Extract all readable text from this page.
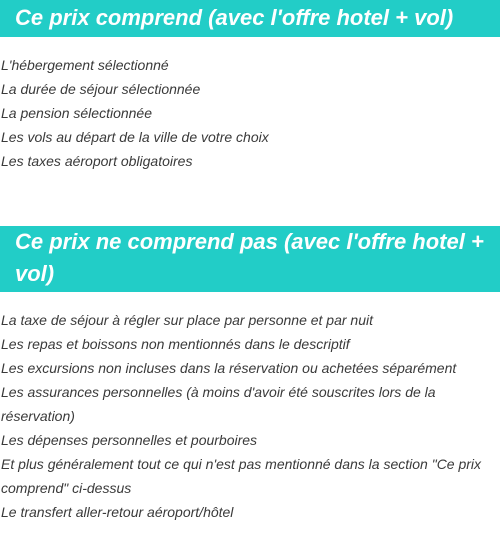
Ce prix comprend (avec l'offre hotel + vol)
L'hébergement sélectionné
La durée de séjour sélectionnée
La pension sélectionnée
Les vols au départ de la ville de votre choix
Les taxes aéroport obligatoires
Ce prix ne comprend pas (avec l'offre hotel + vol)
La taxe de séjour à régler sur place par personne et par nuit
Les repas et boissons non mentionnés dans le descriptif
Les excursions non incluses dans la réservation ou achetées séparément
Les assurances personnelles (à moins d'avoir été souscrites lors de la réservation)
Les dépenses personnelles et pourboires
Et plus généralement tout ce qui n'est pas mentionné dans la section "Ce prix comprend" ci-dessus
Le transfert aller-retour aéroport/hôtel
